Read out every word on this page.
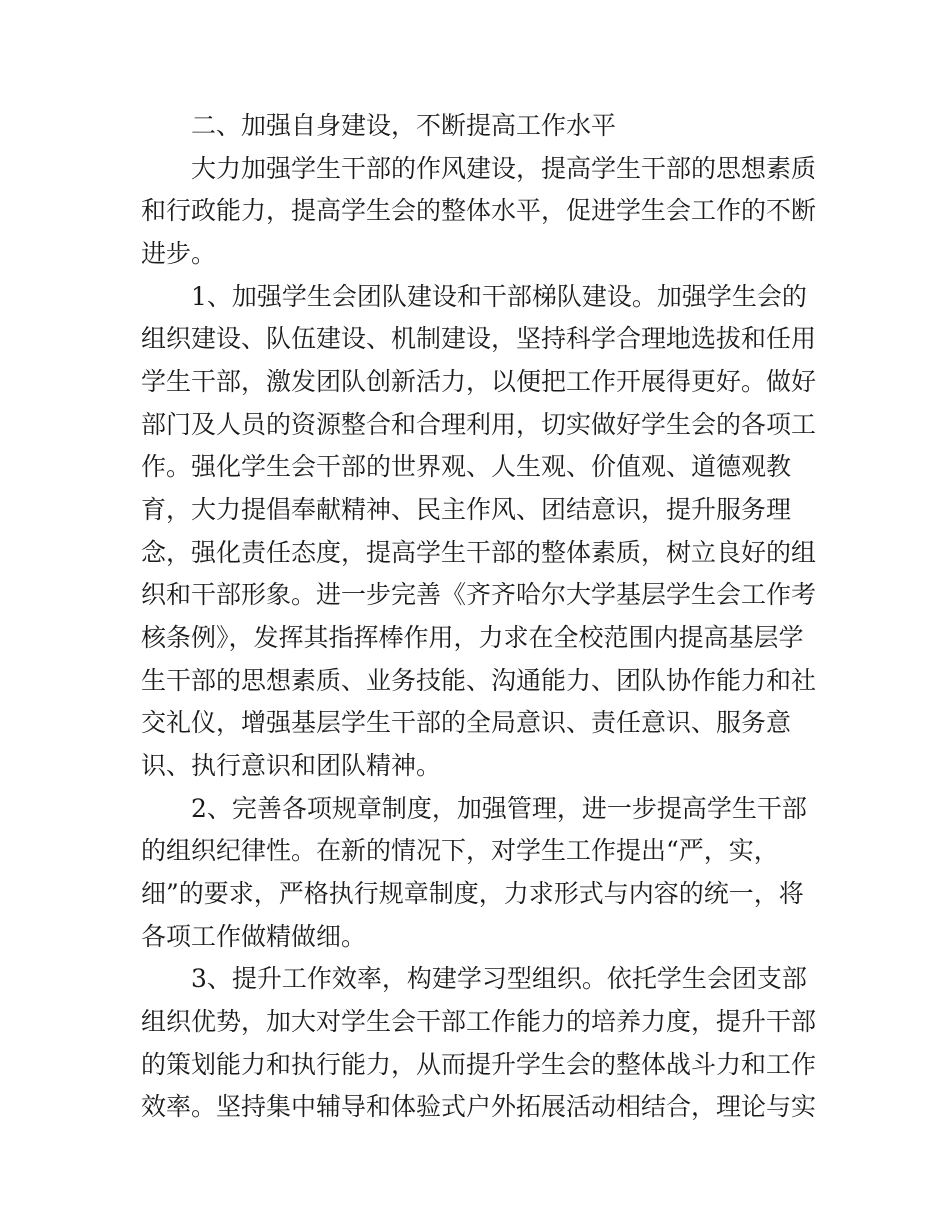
二、加强自身建设，不断提高工作水平
大力加强学生干部的作风建设，提高学生干部的思想素质
和行政能力，提高学生会的整体水平，促进学生会工作的不断
进步。
1、加强学生会团队建设和干部梯队建设。加强学生会的
组织建设、队伍建设、机制建设，坚持科学合理地选拔和任用
学生干部，激发团队创新活力，以便把工作开展得更好。做好
部门及人员的资源整合和合理利用，切实做好学生会的各项工
作。强化学生会干部的世界观、人生观、价值观、道德观教
育，大力提倡奉献精神、民主作风、团结意识，提升服务理
念，强化责任态度，提高学生干部的整体素质，树立良好的组
织和干部形象。进一步完善《齐齐哈尔大学基层学生会工作考
核条例》，发挥其指挥棒作用，力求在全校范围内提高基层学
生干部的思想素质、业务技能、沟通能力、团队协作能力和社
交礼仪，增强基层学生干部的全局意识、责任意识、服务意
识、执行意识和团队精神。
2、完善各项规章制度，加强管理，进一步提高学生干部
的组织纪律性。在新的情况下，对学生工作提出“严，实，
细”的要求，严格执行规章制度，力求形式与内容的统一，将
各项工作做精做细。
3、提升工作效率，构建学习型组织。依托学生会团支部
组织优势，加大对学生会干部工作能力的培养力度，提升干部
的策划能力和执行能力，从而提升学生会的整体战斗力和工作
效率。坚持集中辅导和体验式户外拓展活动相结合，理论与实
